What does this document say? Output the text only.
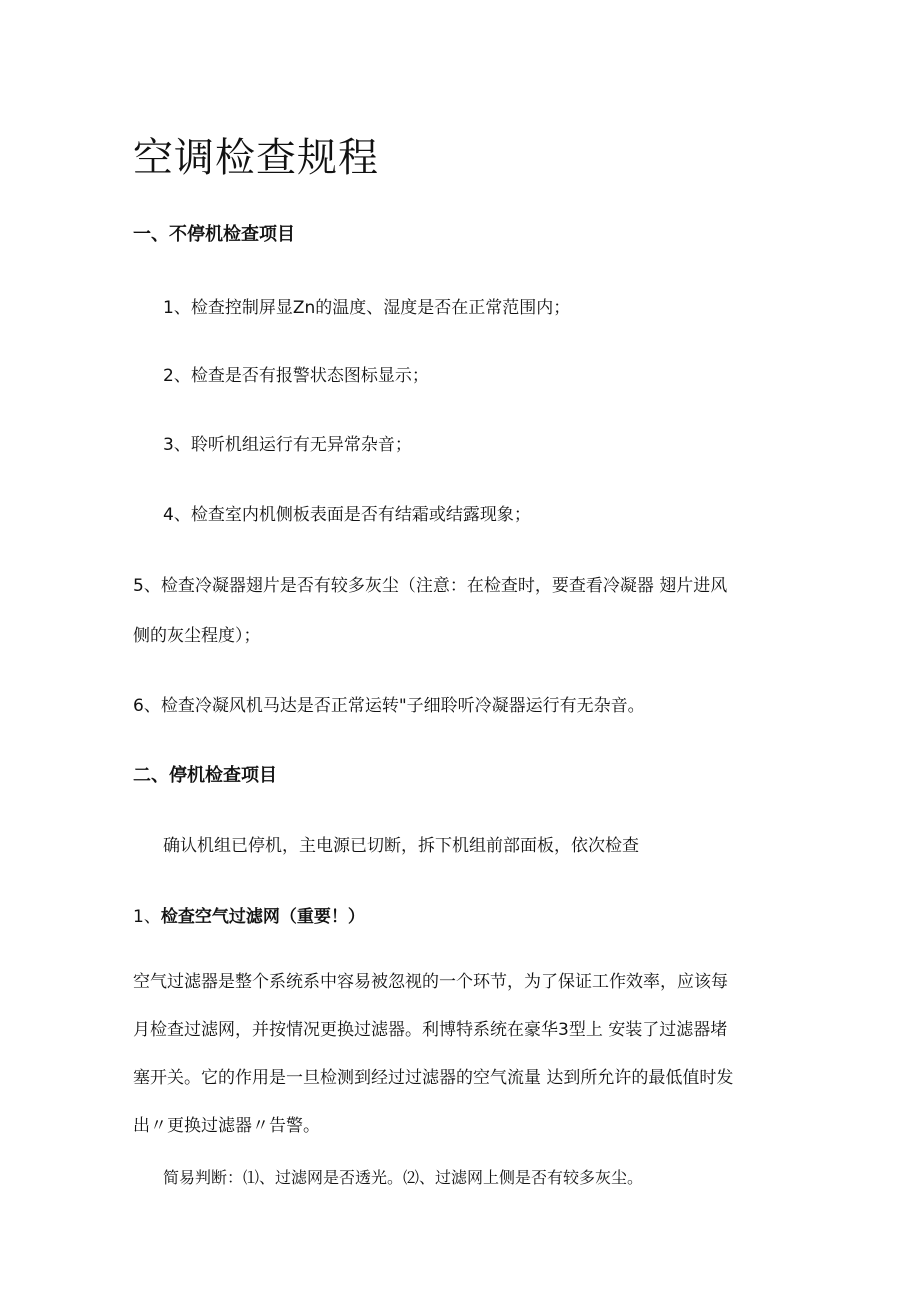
空调检查规程
一、不停机检查项目

1、检查控制屏显Zn的温度、湿度是否在正常范围内；

2、检查是否有报警状态图标显示；

3、聆听机组运行有无异常杂音；

4、检查室内机侧板表面是否有结霜或结露现象；

5、检查冷凝器翅片是否有较多灰尘（注意：在检查时，要查看冷凝器 翅片进风

侧的灰尘程度）；

6、检查冷凝风机马达是否正常运转"子细聆听冷凝器运行有无杂音。

二、停机检查项目

确认机组已停机，主电源已切断，拆下机组前部面板，依次检查

1、检查空气过滤网（重要！）

空气过滤器是整个系统系中容易被忽视的一个环节，为了保证工作效率，应该每
月检查过滤网，并按情况更换过滤器。利博特系统在豪华3型上 安装了过滤器堵
塞开关。它的作用是一旦检测到经过过滤器的空气流量 达到所允许的最低值时发
出〃更换过滤器〃告警。

简易判断：⑴、过滤网是否透光。⑵、过滤网上侧是否有较多灰尘。
